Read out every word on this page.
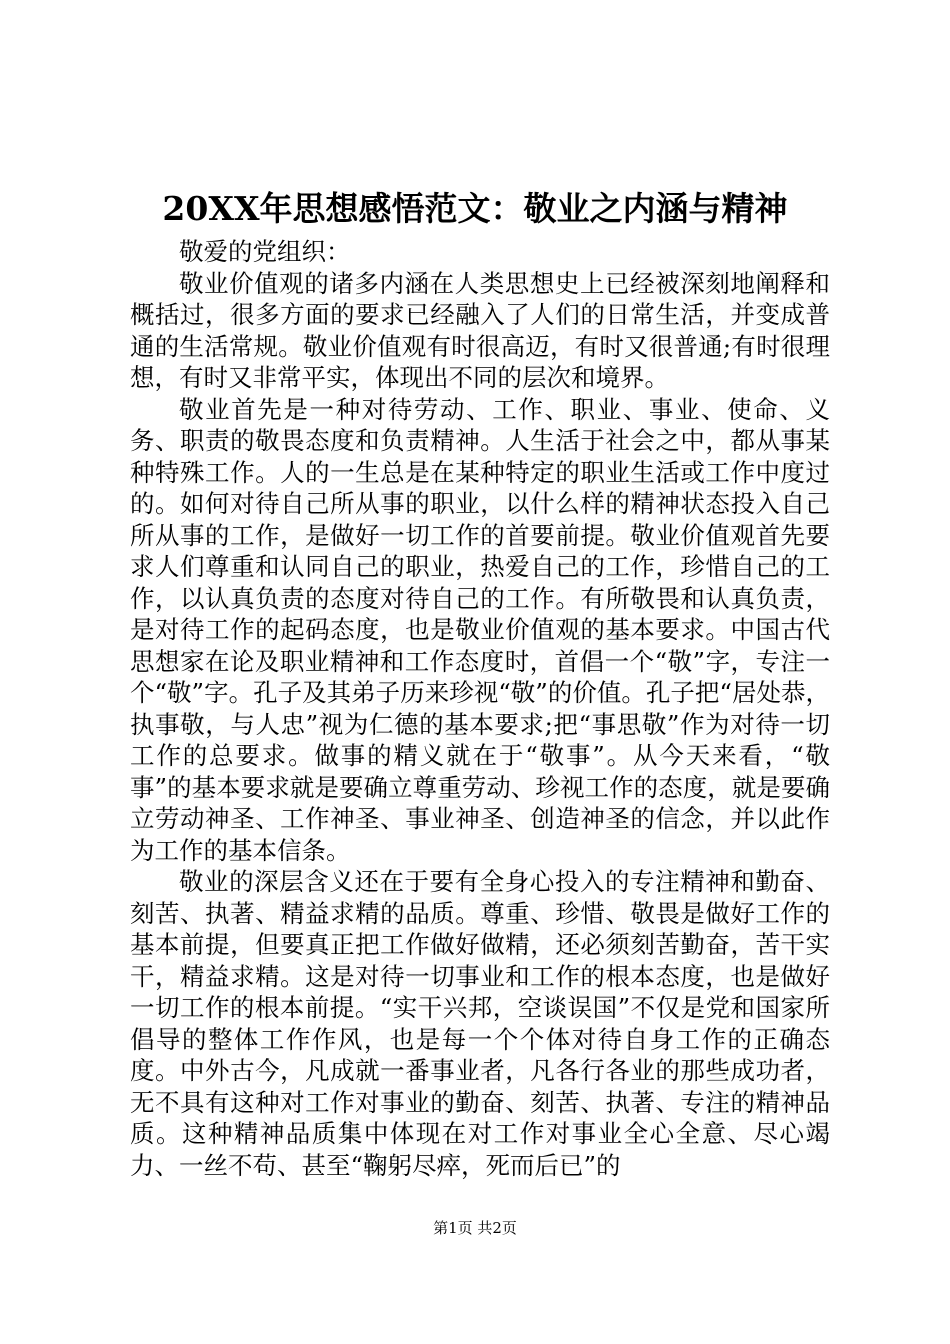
20XX年思想感悟范文：敬业之内涵与精神

敬爱的党组织：

敬业价值观的诸多内涵在人类思想史上已经被深刻地阐释和概括过，很多方面的要求已经融入了人们的日常生活，并变成普通的生活常规。敬业价值观有时很高迈，有时又很普通;有时很理想，有时又非常平实，体现出不同的层次和境界。

敬业首先是一种对待劳动、工作、职业、事业、使命、义务、职责的敬畏态度和负责精神。人生活于社会之中，都从事某种特殊工作。人的一生总是在某种特定的职业生活或工作中度过的。如何对待自己所从事的职业，以什么样的精神状态投入自己所从事的工作，是做好一切工作的首要前提。敬业价值观首先要求人们尊重和认同自己的职业，热爱自己的工作，珍惜自己的工作，以认真负责的态度对待自己的工作。有所敬畏和认真负责，是对待工作的起码态度，也是敬业价值观的基本要求。中国古代思想家在论及职业精神和工作态度时，首倡一个“敬”字，专注一个“敬”字。孔子及其弟子历来珍视“敬”的价值。孔子把“居处恭，执事敬，与人忠”视为仁德的基本要求;把“事思敬”作为对待一切工作的总要求。做事的精义就在于“敬事”。从今天来看，“敬事”的基本要求就是要确立尊重劳动、珍视工作的态度，就是要确立劳动神圣、工作神圣、事业神圣、创造神圣的信念，并以此作为工作的基本信条。

敬业的深层含义还在于要有全身心投入的专注精神和勤奋、刻苦、执著、精益求精的品质。尊重、珍惜、敬畏是做好工作的基本前提，但要真正把工作做好做精，还必须刻苦勤奋，苦干实干，精益求精。这是对待一切事业和工作的根本态度，也是做好一切工作的根本前提。“实干兴邦，空谈误国”不仅是党和国家所倡导的整体工作作风，也是每一个个体对待自身工作的正确态度。中外古今，凡成就一番事业者，凡各行各业的那些成功者，无不具有这种对工作对事业的勤奋、刻苦、执著、专注的精神品质。这种精神品质集中体现在对工作对事业全心全意、尽心竭力、一丝不苟、甚至“鞠躬尽瘁，死而后已”的

第1页 共2页
